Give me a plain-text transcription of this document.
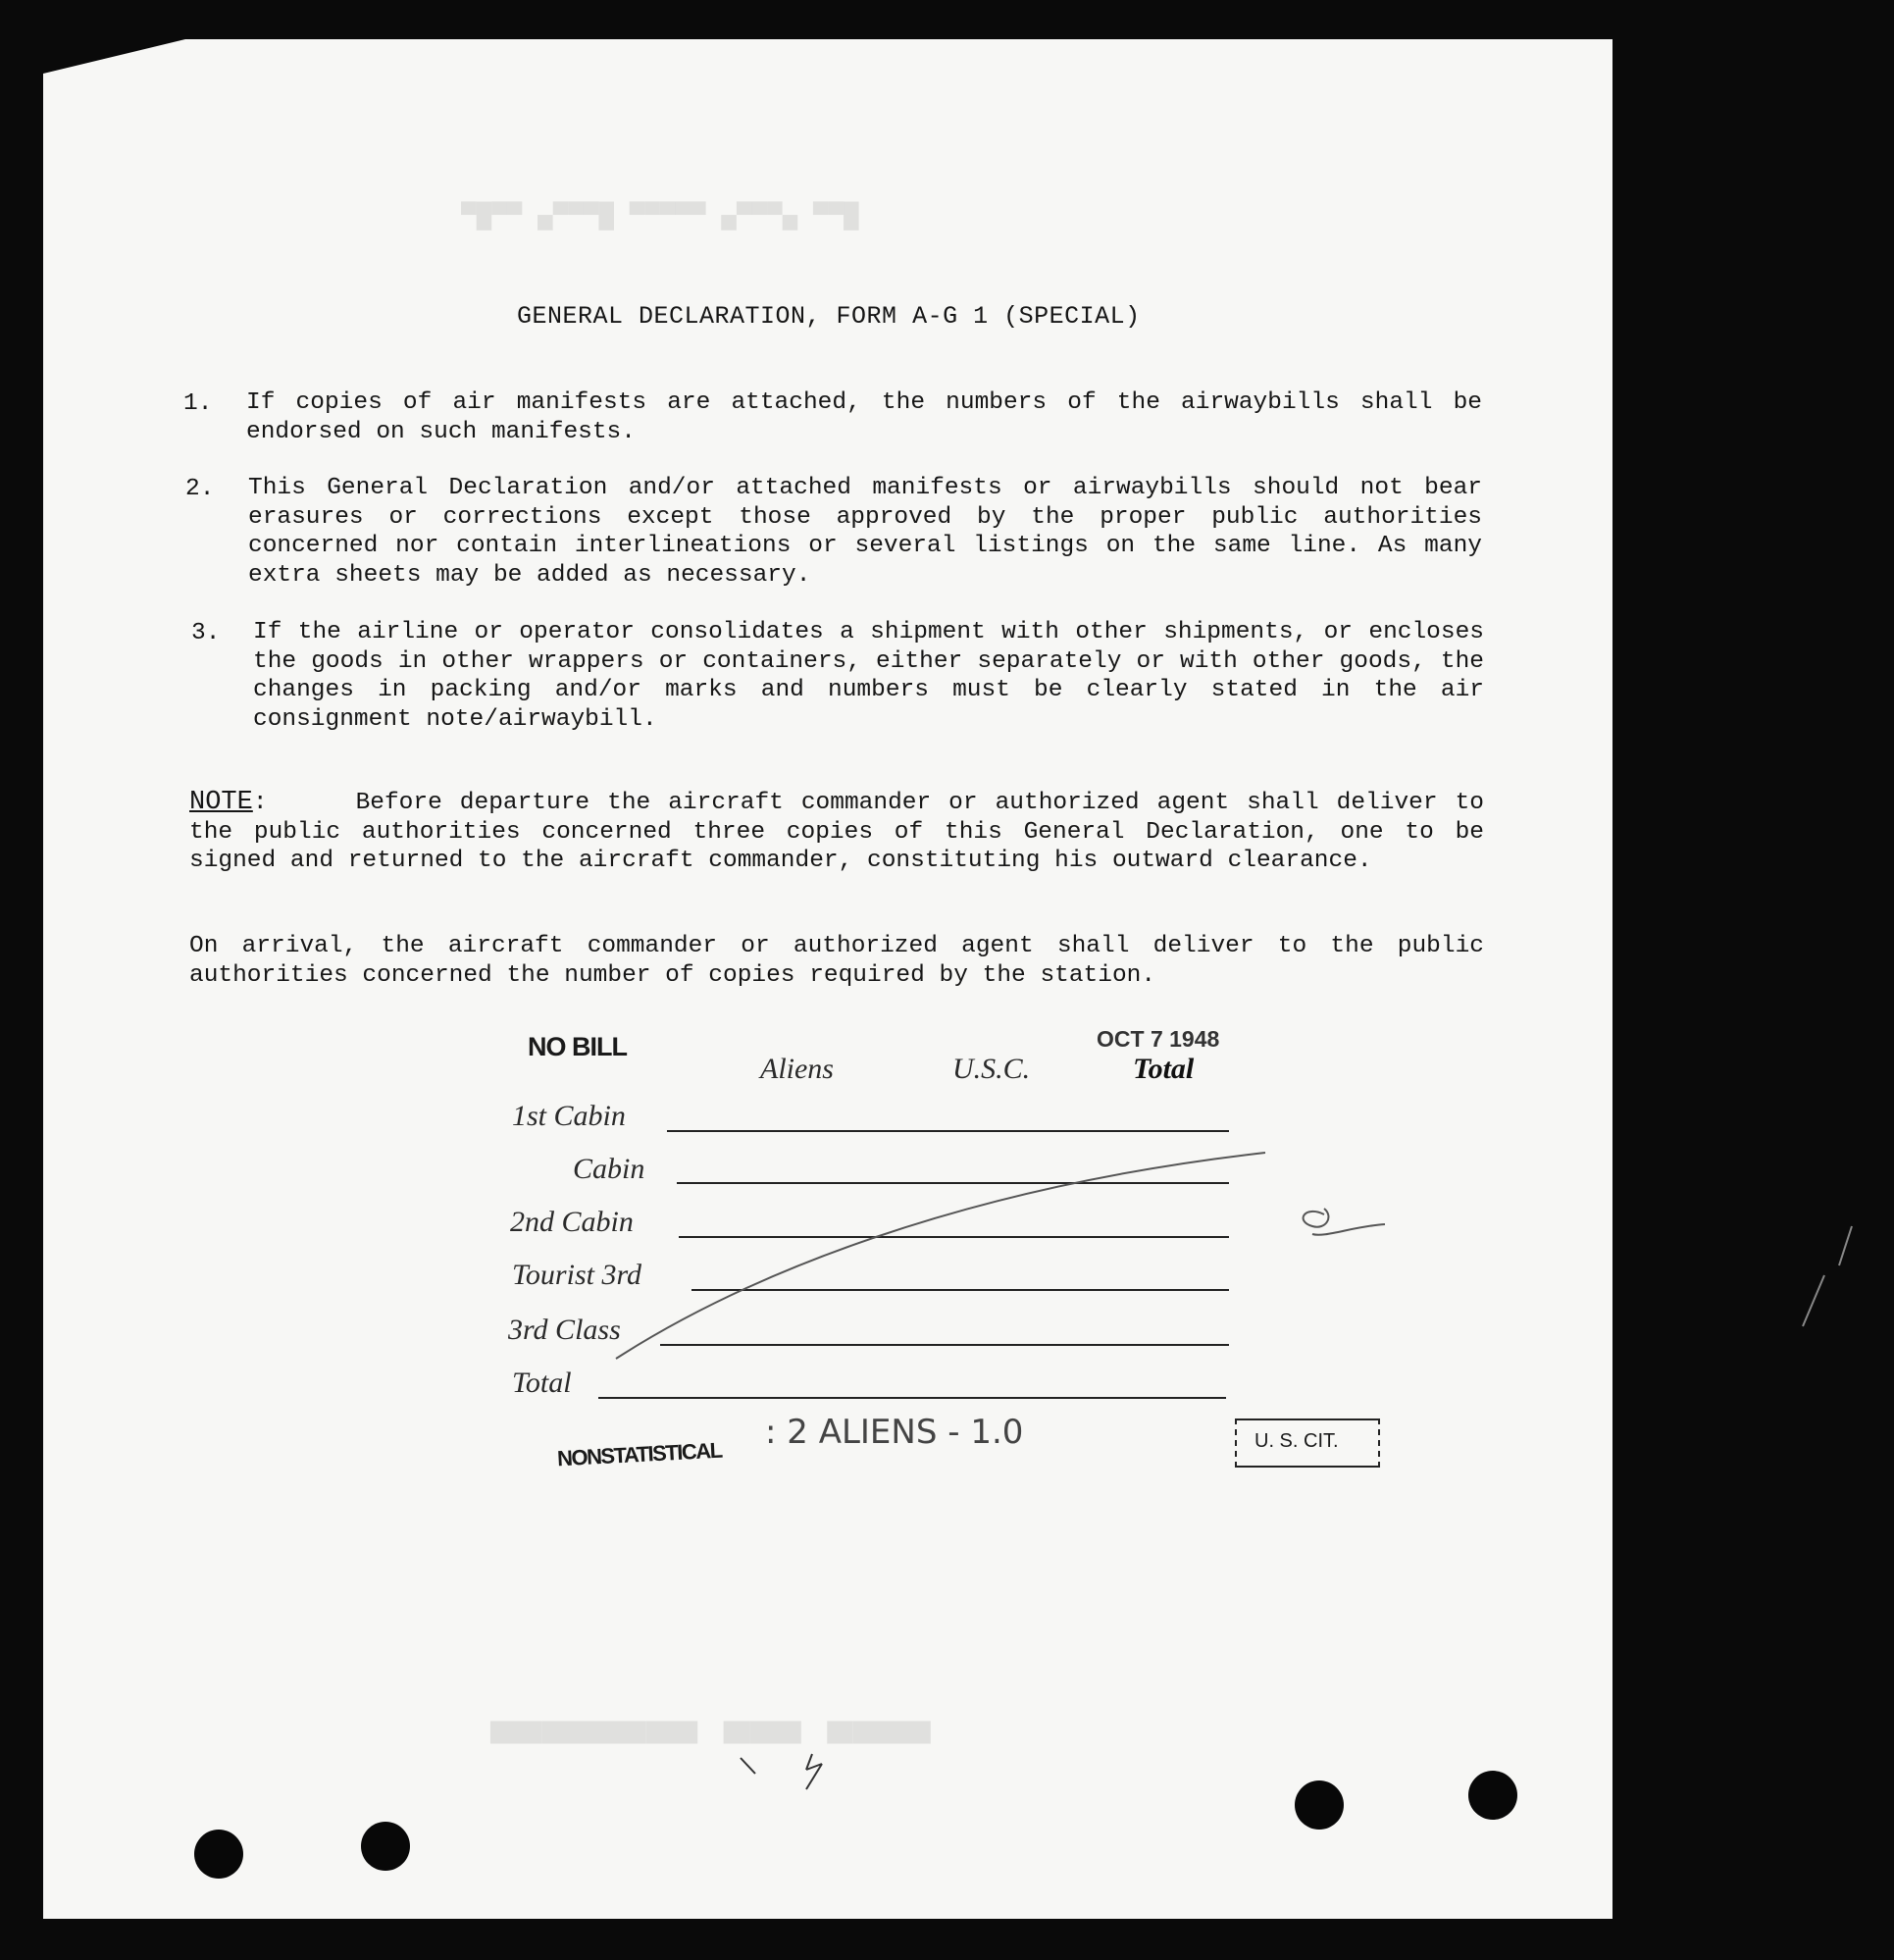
█▀▀ ▄▀▀▀▄ ▀▀▀▀▀ █▀▀▀▄ ▀▀█▀
▀▀▀▀ ▀▀▀ ▀▀▀▀▀▀▀▀
GENERAL DECLARATION, FORM A-G 1 (SPECIAL)
1. If copies of air manifests are attached, the numbers of the airwaybills shall be endorsed on such manifests.
2. This General Declaration and/or attached manifests or airwaybills should not bear erasures or corrections except those approved by the proper public authorities concerned nor contain interlineations or several listings on the same line. As many extra sheets may be added as necessary.
3. If the airline or operator consolidates a shipment with other shipments, or encloses the goods in other wrappers or containers, either separately or with other goods, the changes in packing and/or marks and numbers must be clearly stated in the air consignment note/airwaybill.
NOTE:     Before departure the aircraft commander or authorized agent shall deliver to the public authorities concerned three copies of this General Declaration, one to be signed and returned to the aircraft commander, constituting his outward clearance.
On arrival, the aircraft commander or authorized agent shall deliver to the public authorities concerned the number of copies required by the station.
NO BILL	OCT 7 1948
Aliens	U.S.C.	Total
1st Cabin
Cabin
2nd Cabin
Tourist 3rd
3rd Class
Total
NONSTATISTICAL
: 2 ALIENS - 1.0	U. S. CIT.
